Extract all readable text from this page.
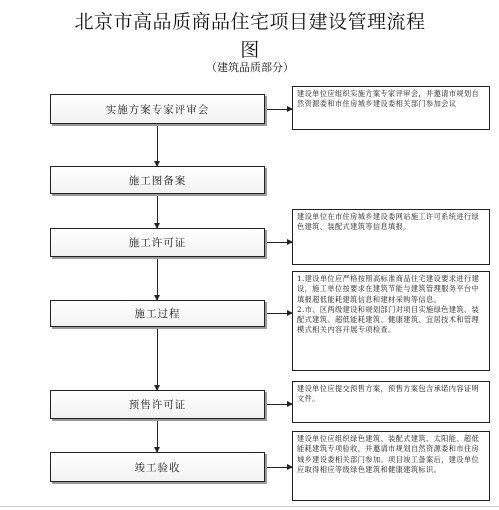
北京市高品质商品住宅项目建设管理流程
图
（建筑品质部分）
实施方案专家评审会
施工图备案
施工许可证
施工过程
预售许可证
竣工验收

建设单位应组织实施方案专家评审会，并邀请市规划自然资源委和市住房城乡建设委相关部门参加会议

建设单位在市住房城乡建设委网站施工许可系统进行绿色建筑、装配式建筑等信息填报。

1.建设单位应严格按照高标准商品住宅建设要求进行建设，施工单位按要求在建筑节能与建筑管理服务平台中填报超低能耗建筑信息和建材采购等信息。

2.市、区两级建设和规划部门对项目实施绿色建筑、装配式建筑、超低能耗建筑、健康建筑、宜居技术和管理模式相关内容开展专项检查。

建设单位应提交预售方案，预售方案包含承诺内容证明文件。

建设单位应组织绿色建筑、装配式建筑、太阳能、超低能耗建筑专项验收，并邀请市规划自然资源委和市住房城乡建设委相关部门参加。项目竣工备案后，建设单位应取得相应等级绿色建筑和健康建筑标识。
